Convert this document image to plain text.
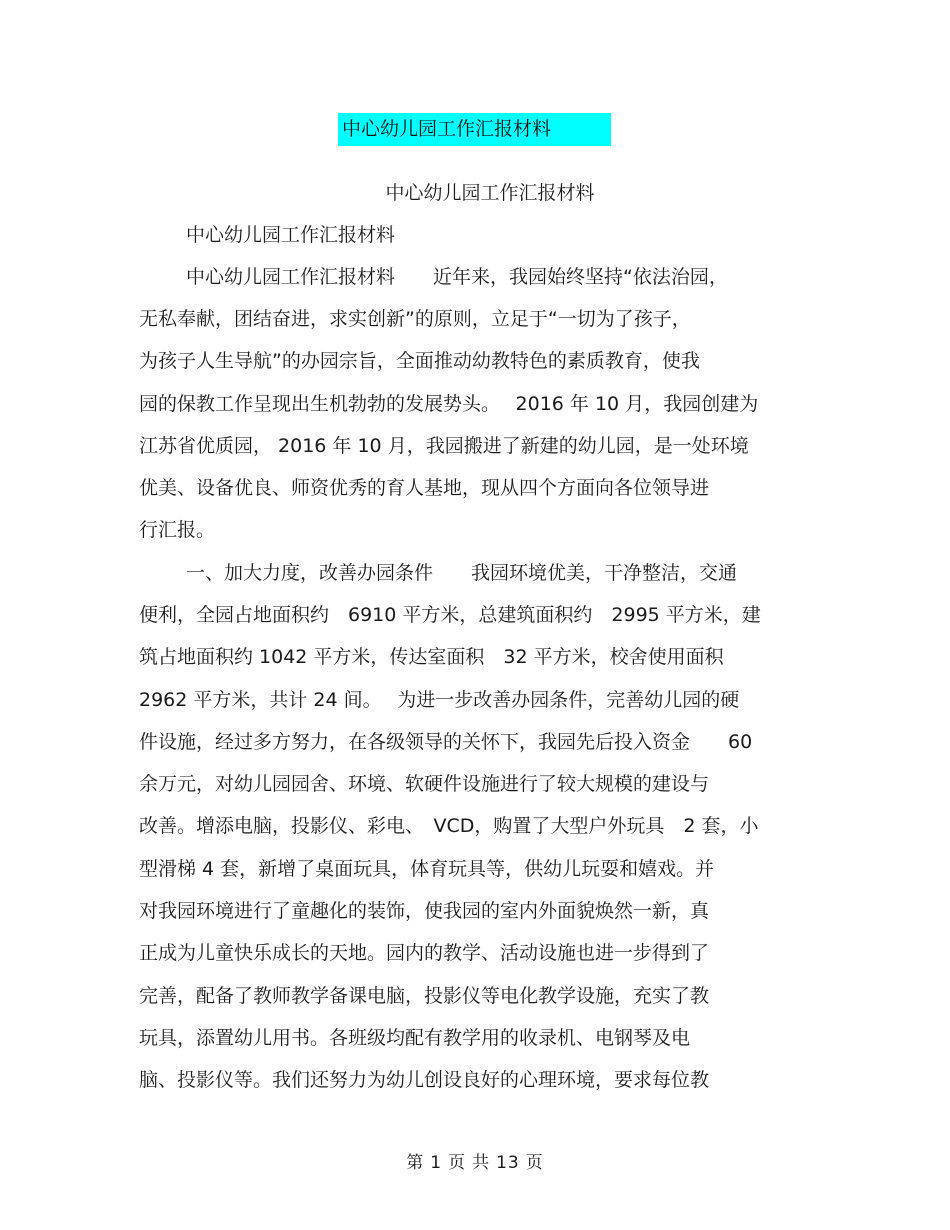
中心幼儿园工作汇报材料
中心幼儿园工作汇报材料
中心幼儿园工作汇报材料
中心幼儿园工作汇报材料　　近年来，我园始终坚持“依法治园，
无私奉献，团结奋进，求实创新”的原则，立足于“一切为了孩子，
为孩子人生导航”的办园宗旨，全面推动幼教特色的素质教育，使我
园的保教工作呈现出生机勃勃的发展势头。　 2016 年 10 月，我园创建为
江苏省优质园， 2016 年 10 月，我园搬进了新建的幼儿园，是一处环境
优美、设备优良、师资优秀的育人基地，现从四个方面向各位领导进
行汇报。
一、加大力度，改善办园条件　　我园环境优美，干净整洁，交通
便利，全园占地面积约　6910 平方米，总建筑面积约　2995 平方米，建
筑占地面积约 1042 平方米，传达室面积　32 平方米，校舍使用面积
2962 平方米，共计 24 间。　 为进一步改善办园条件，完善幼儿园的硬
件设施，经过多方努力，在各级领导的关怀下，我园先后投入资金　　60
余万元，对幼儿园园舍、环境、软硬件设施进行了较大规模的建设与
改善。增添电脑，投影仪、彩电、　VCD，购置了大型户外玩具　2 套，小
型滑梯 4 套，新增了桌面玩具，体育玩具等，供幼儿玩耍和嬉戏。并
对我园环境进行了童趣化的装饰，使我园的室内外面貌焕然一新，真
正成为儿童快乐成长的天地。园内的教学、活动设施也进一步得到了
完善，配备了教师教学备课电脑，投影仪等电化教学设施，充实了教
玩具，添置幼儿用书。各班级均配有教学用的收录机、电钢琴及电
脑、投影仪等。我们还努力为幼儿创设良好的心理环境，要求每位教
第 1 页 共 13 页
